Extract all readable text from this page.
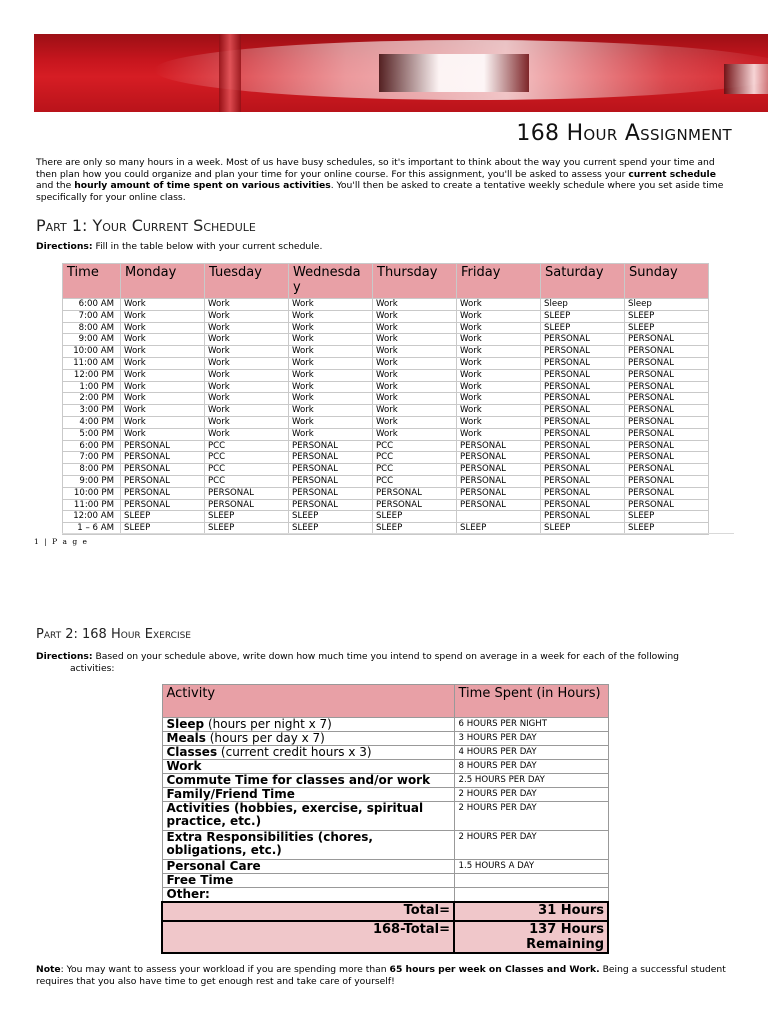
168 Hour Assignment
There are only so many hours in a week. Most of us have busy schedules, so it's important to think about the way you current spend your time and then plan how you could organize and plan your time for your online course. For this assignment, you'll be asked to assess your current schedule and the hourly amount of time spent on various activities. You'll then be asked to create a tentative weekly schedule where you set aside time specifically for your online class.
Part 1: Your Current Schedule
Directions: Fill in the table below with your current schedule.
Time	Monday	Tuesday	Wednesday	Thursday	Friday	Saturday	Sunday
6:00 AM	Work	Work	Work	Work	Work	Sleep	Sleep
7:00 AM	Work	Work	Work	Work	Work	SLEEP	SLEEP
8:00 AM	Work	Work	Work	Work	Work	SLEEP	SLEEP
9:00 AM	Work	Work	Work	Work	Work	PERSONAL	PERSONAL
10:00 AM	Work	Work	Work	Work	Work	PERSONAL	PERSONAL
11:00 AM	Work	Work	Work	Work	Work	PERSONAL	PERSONAL
12:00 PM	Work	Work	Work	Work	Work	PERSONAL	PERSONAL
1:00 PM	Work	Work	Work	Work	Work	PERSONAL	PERSONAL
2:00 PM	Work	Work	Work	Work	Work	PERSONAL	PERSONAL
3:00 PM	Work	Work	Work	Work	Work	PERSONAL	PERSONAL
4:00 PM	Work	Work	Work	Work	Work	PERSONAL	PERSONAL
5:00 PM	Work	Work	Work	Work	Work	PERSONAL	PERSONAL
6:00 PM	PERSONAL	PCC	PERSONAL	PCC	PERSONAL	PERSONAL	PERSONAL
7:00 PM	PERSONAL	PCC	PERSONAL	PCC	PERSONAL	PERSONAL	PERSONAL
8:00 PM	PERSONAL	PCC	PERSONAL	PCC	PERSONAL	PERSONAL	PERSONAL
9:00 PM	PERSONAL	PCC	PERSONAL	PCC	PERSONAL	PERSONAL	PERSONAL
10:00 PM	PERSONAL	PERSONAL	PERSONAL	PERSONAL	PERSONAL	PERSONAL	PERSONAL
11:00 PM	PERSONAL	PERSONAL	PERSONAL	PERSONAL	PERSONAL	PERSONAL	PERSONAL
12:00 AM	SLEEP	SLEEP	SLEEP	SLEEP		PERSONAL	SLEEP
1 – 6 AM	SLEEP	SLEEP	SLEEP	SLEEP	SLEEP	SLEEP	SLEEP
1 | P a g e
Part 2: 168 Hour Exercise
Directions: Based on your schedule above, write down how much time you intend to spend on average in a week for each of the following
activities:
Activity	Time Spent (in Hours)
Sleep (hours per night x 7)	6 HOURS PER NIGHT
Meals (hours per day x 7)	3 HOURS PER DAY
Classes (current credit hours x 3)	4 HOURS PER DAY
Work	8 HOURS PER DAY
Commute Time for classes and/or work	2.5 HOURS PER DAY
Family/Friend Time	2 HOURS PER DAY
Activities (hobbies, exercise, spiritual practice, etc.)	2 HOURS PER DAY
Extra Responsibilities (chores, obligations, etc.)	2 HOURS PER DAY
Personal Care	1.5 HOURS A DAY
Free Time	
Other:	
Total=	31 Hours
168-Total=	137 Hours Remaining
Note: You may want to assess your workload if you are spending more than 65 hours per week on Classes and Work. Being a successful student requires that you also have time to get enough rest and take care of yourself!
